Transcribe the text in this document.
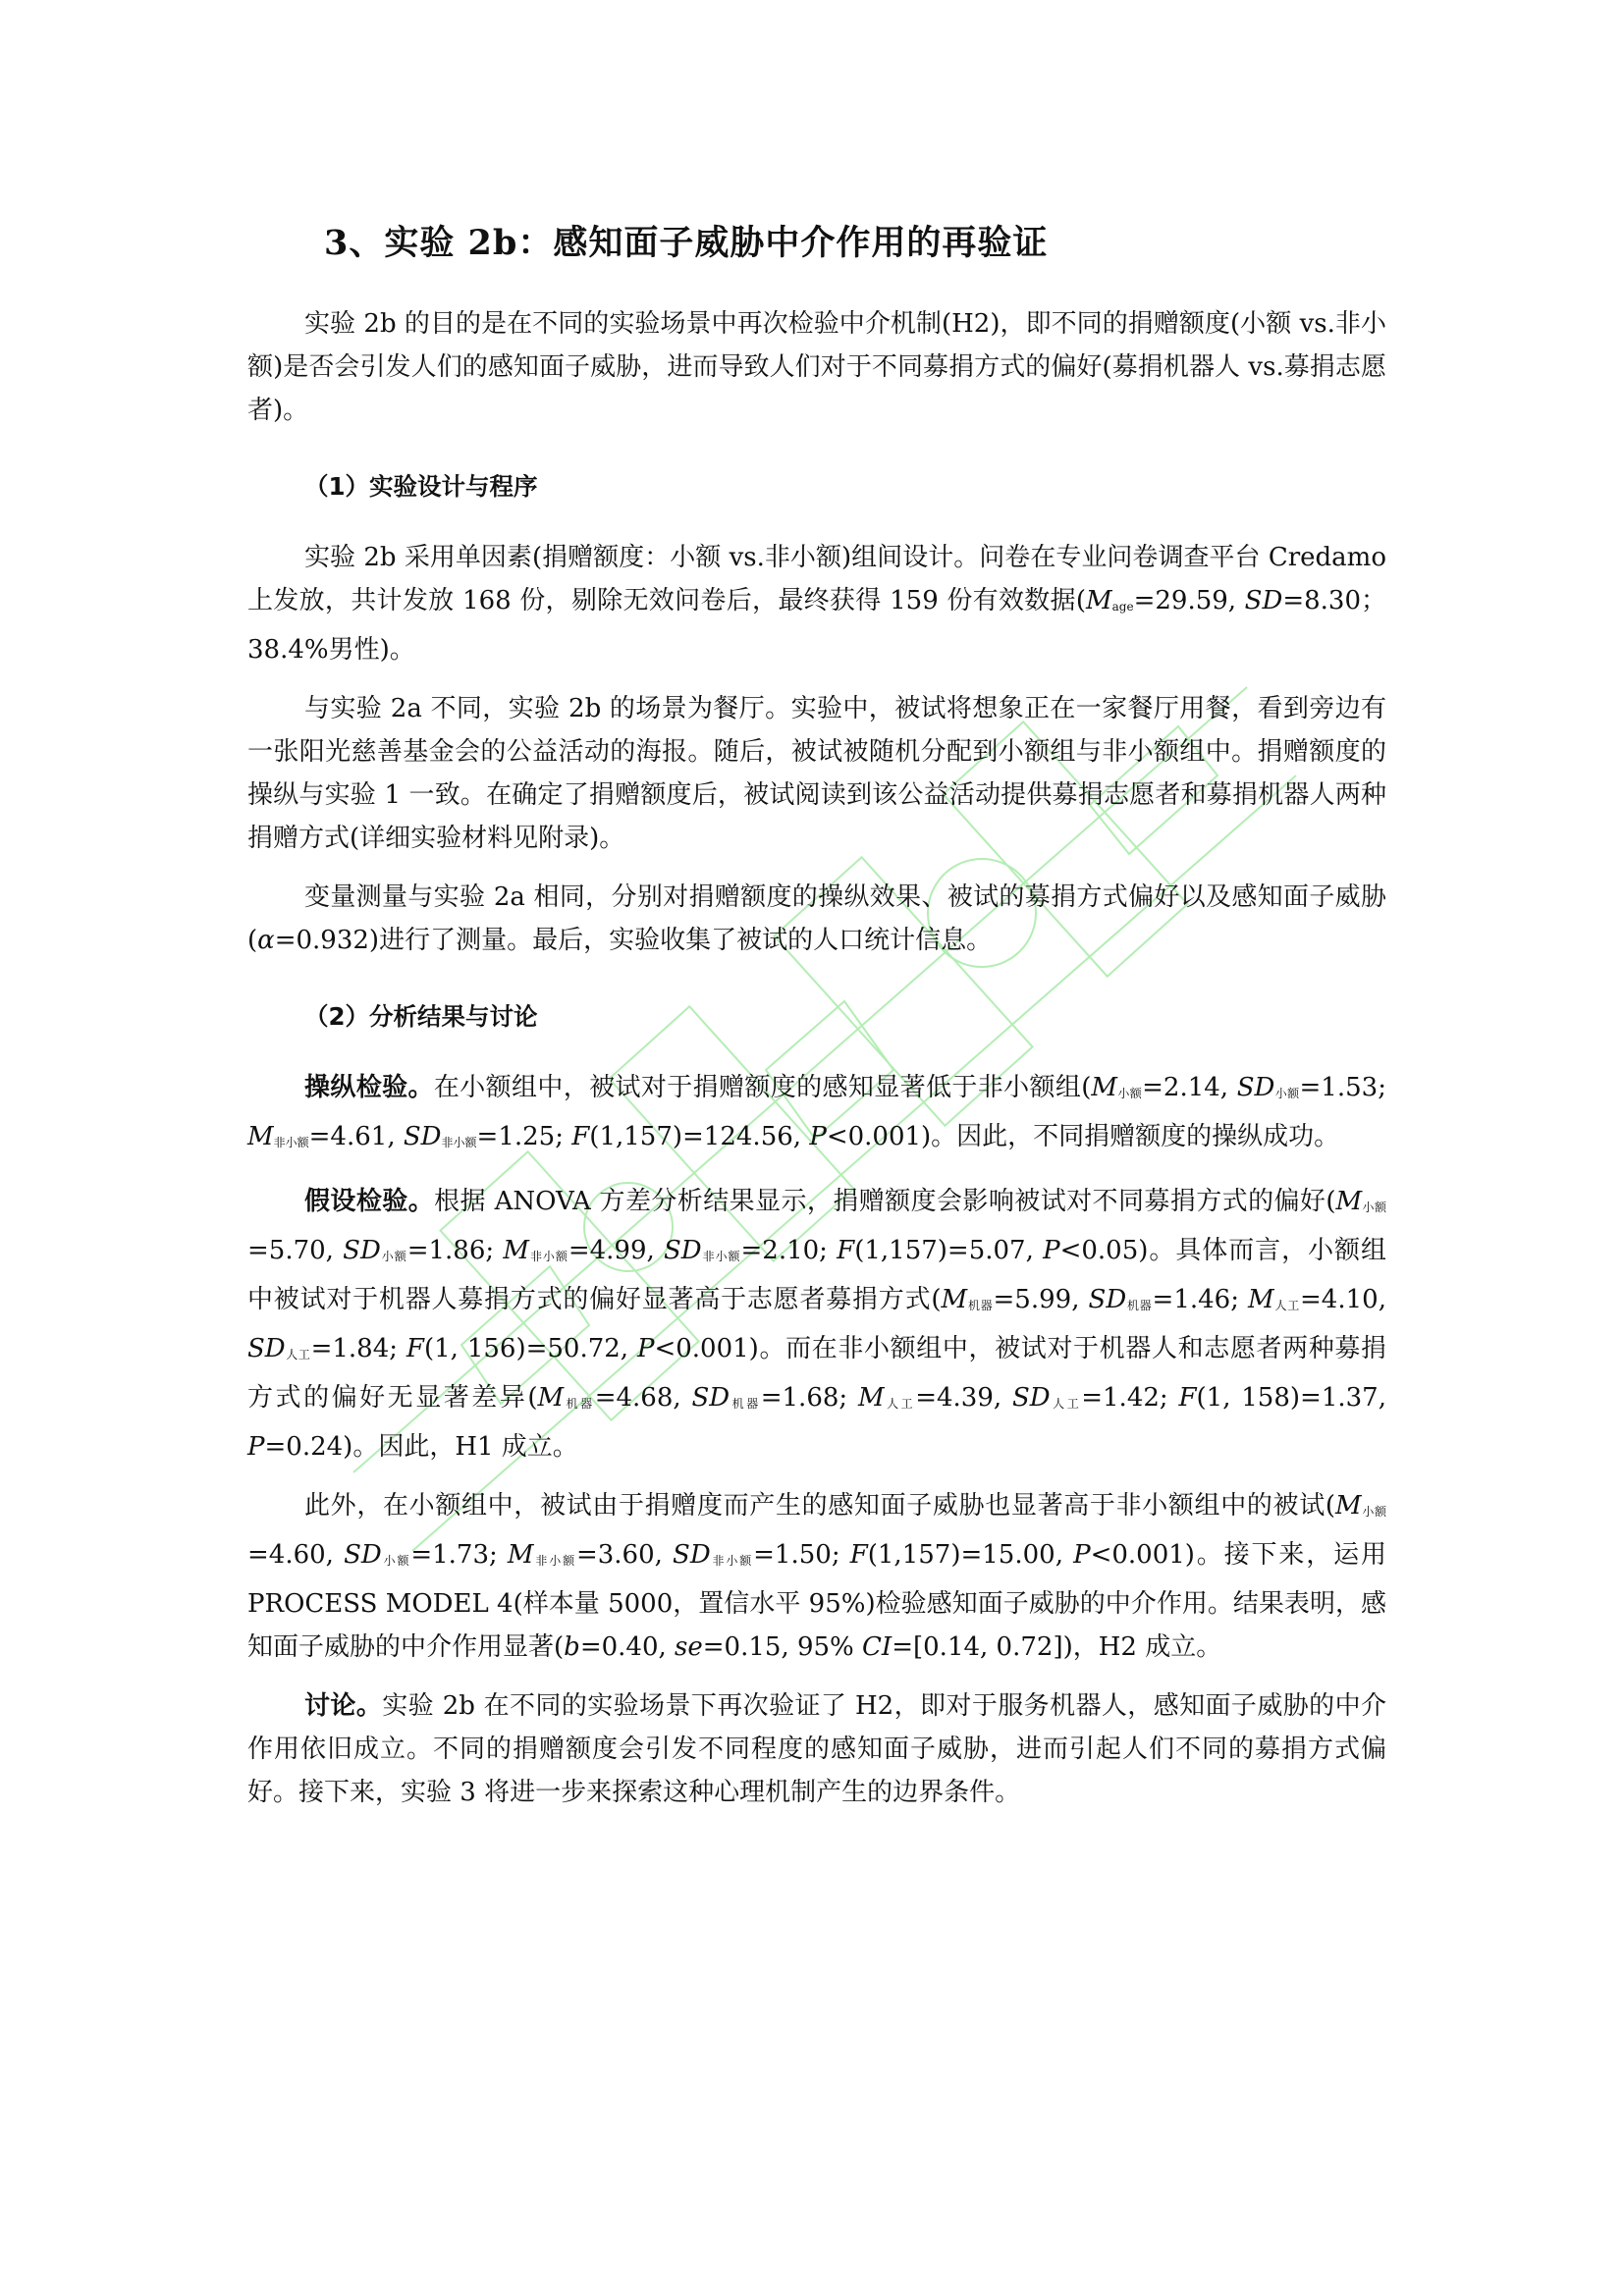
3、实验 2b：感知面子威胁中介作用的再验证

实验 2b 的目的是在不同的实验场景中再次检验中介机制(H2)，即不同的捐赠额度(小额 vs.非小额)是否会引发人们的感知面子威胁，进而导致人们对于不同募捐方式的偏好(募捐机器人 vs.募捐志愿者)。

（1）实验设计与程序

实验 2b 采用单因素(捐赠额度：小额 vs.非小额)组间设计。问卷在专业问卷调查平台 Credamo 上发放，共计发放 168 份，剔除无效问卷后，最终获得 159 份有效数据($M_{age}=29.59$, SD=8.30；38.4%男性)。

与实验 2a 不同，实验 2b 的场景为餐厅。实验中，被试将想象正在一家餐厅用餐，看到旁边有一张阳光慈善基金会的公益活动的海报。随后，被试被随机分配到小额组与非小额组中。捐赠额度的操纵与实验 1 一致。在确定了捐赠额度后，被试阅读到该公益活动提供募捐志愿者和募捐机器人两种捐赠方式(详细实验材料见附录)。

变量测量与实验 2a 相同，分别对捐赠额度的操纵效果、被试的募捐方式偏好以及感知面子威胁(α=0.932)进行了测量。最后，实验收集了被试的人口统计信息。

（2）分析结果与讨论

操纵检验。在小额组中，被试对于捐赠额度的感知显著低于非小额组($M_{小额}=2.14$, $SD_{小额}=1.53$; $M_{非小额}=4.61$, $SD_{非小额}=1.25$; F(1,157)=124.56, P<0.001)。因此，不同捐赠额度的操纵成功。

假设检验。根据 ANOVA 方差分析结果显示，捐赠额度会影响被试对不同募捐方式的偏好($M_{小额}=5.70$, $SD_{小额}=1.86$; $M_{非小额}=4.99$, $SD_{非小额}=2.10$; F(1,157)=5.07, P<0.05)。具体而言，小额组中被试对于机器人募捐方式的偏好显著高于志愿者募捐方式($M_{机器}=5.99$, $SD_{机器}=1.46$; $M_{人工}=4.10$, $SD_{人工}=1.84$; F(1, 156)=50.72, P<0.001)。而在非小额组中，被试对于机器人和志愿者两种募捐方式的偏好无显著差异($M_{机器}=4.68$, $SD_{机器}=1.68$; $M_{人工}=4.39$, $SD_{人工}=1.42$; F(1, 158)=1.37, P=0.24)。因此，H1 成立。

此外，在小额组中，被试由于捐赠度而产生的感知面子威胁也显著高于非小额组中的被试($M_{小额}=4.60$, $SD_{小额}=1.73$; $M_{非小额}=3.60$, $SD_{非小额}=1.50$; F(1,157)=15.00, P<0.001)。接下来，运用 PROCESS MODEL 4(样本量 5000，置信水平 95%)检验感知面子威胁的中介作用。结果表明，感知面子威胁的中介作用显著(b=0.40, se=0.15, 95% CI=[0.14, 0.72])，H2 成立。

讨论。实验 2b 在不同的实验场景下再次验证了 H2，即对于服务机器人，感知面子威胁的中介作用依旧成立。不同的捐赠额度会引发不同程度的感知面子威胁，进而引起人们不同的募捐方式偏好。接下来，实验 3 将进一步来探索这种心理机制产生的边界条件。
